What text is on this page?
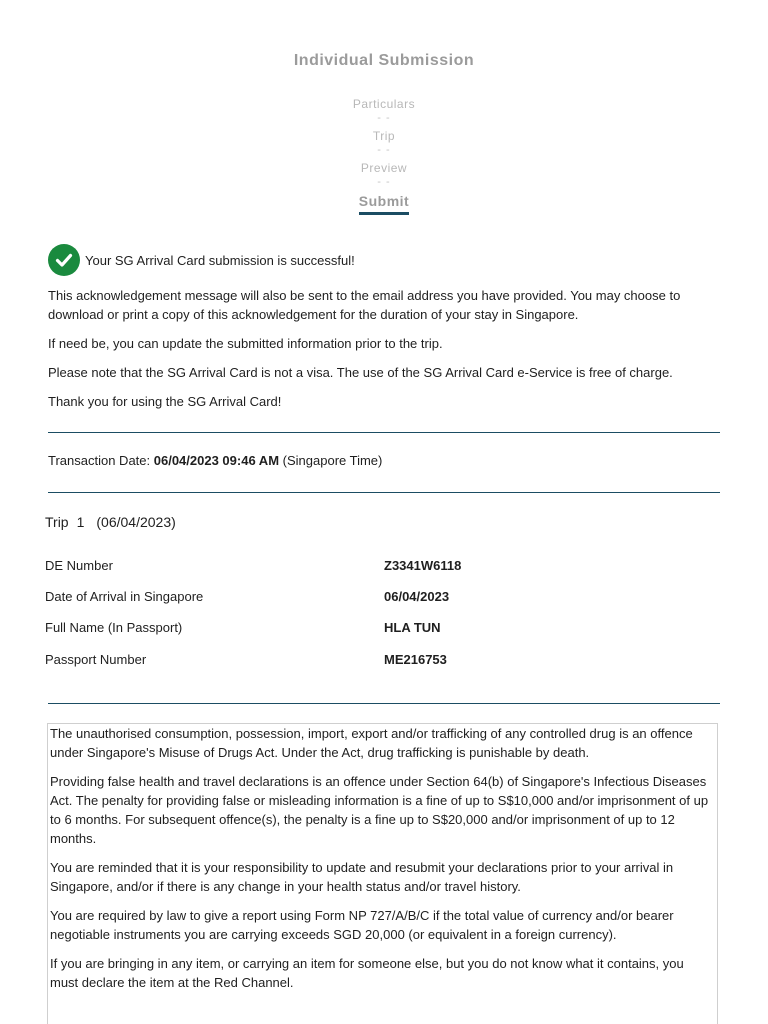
Individual Submission
Particulars
- -
Trip
- -
Preview
- -
Submit
Your SG Arrival Card submission is successful!

This acknowledgement message will also be sent to the email address you have provided. You may choose to download or print a copy of this acknowledgement for the duration of your stay in Singapore.

If need be, you can update the submitted information prior to the trip.

Please note that the SG Arrival Card is not a visa. The use of the SG Arrival Card e-Service is free of charge.

Thank you for using the SG Arrival Card!

Transaction Date: 06/04/2023 09:46 AM (Singapore Time)
Trip 1 (06/04/2023)
DE Number	Z3341W6118
Date of Arrival in Singapore	06/04/2023
Full Name (In Passport)	HLA TUN
Passport Number	ME216753

The unauthorised consumption, possession, import, export and/or trafficking of any controlled drug is an offence under Singapore's Misuse of Drugs Act. Under the Act, drug trafficking is punishable by death.

Providing false health and travel declarations is an offence under Section 64(b) of Singapore's Infectious Diseases Act. The penalty for providing false or misleading information is a fine of up to S$10,000 and/or imprisonment of up to 6 months. For subsequent offence(s), the penalty is a fine up to S$20,000 and/or imprisonment of up to 12 months.

You are reminded that it is your responsibility to update and resubmit your declarations prior to your arrival in Singapore, and/or if there is any change in your health status and/or travel history.

You are required by law to give a report using Form NP 727/A/B/C if the total value of currency and/or bearer negotiable instruments you are carrying exceeds SGD 20,000 (or equivalent in a foreign currency).

If you are bringing in any item, or carrying an item for someone else, but you do not know what it contains, you must declare the item at the Red Channel.
